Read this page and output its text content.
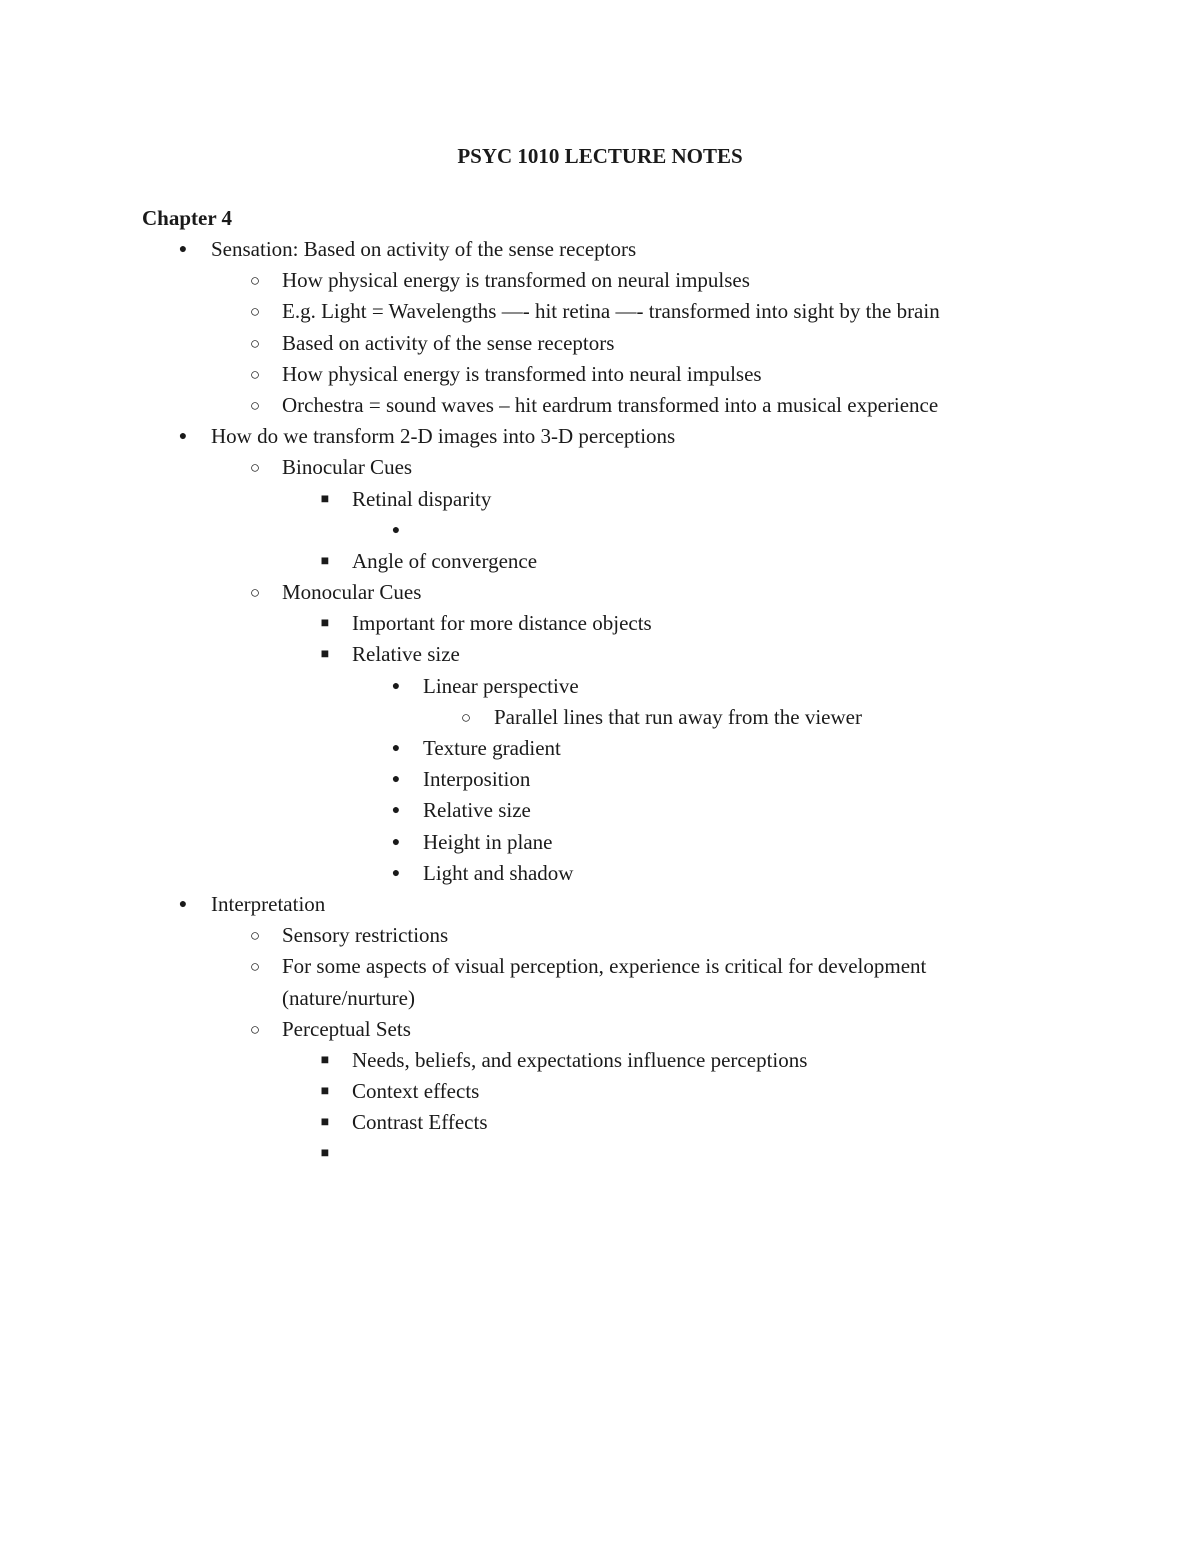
PSYC 1010 LECTURE NOTES
Chapter 4
● Sensation: Based on activity of the sense receptors
○ How physical energy is transformed on neural impulses
○ E.g. Light = Wavelengths —- hit retina —- transformed into sight by the brain
○ Based on activity of the sense receptors
○ How physical energy is transformed into neural impulses
○ Orchestra = sound waves – hit eardrum transformed into a musical experience
● How do we transform 2-D images into 3-D perceptions
○ Binocular Cues
■ Retinal disparity
●
■ Angle of convergence
○ Monocular Cues
■ Important for more distance objects
■ Relative size
● Linear perspective
○ Parallel lines that run away from the viewer
● Texture gradient
● Interposition
● Relative size
● Height in plane
● Light and shadow
● Interpretation
○ Sensory restrictions
○ For some aspects of visual perception, experience is critical for development (nature/nurture)
○ Perceptual Sets
■ Needs, beliefs, and expectations influence perceptions
■ Context effects
■ Contrast Effects
■
